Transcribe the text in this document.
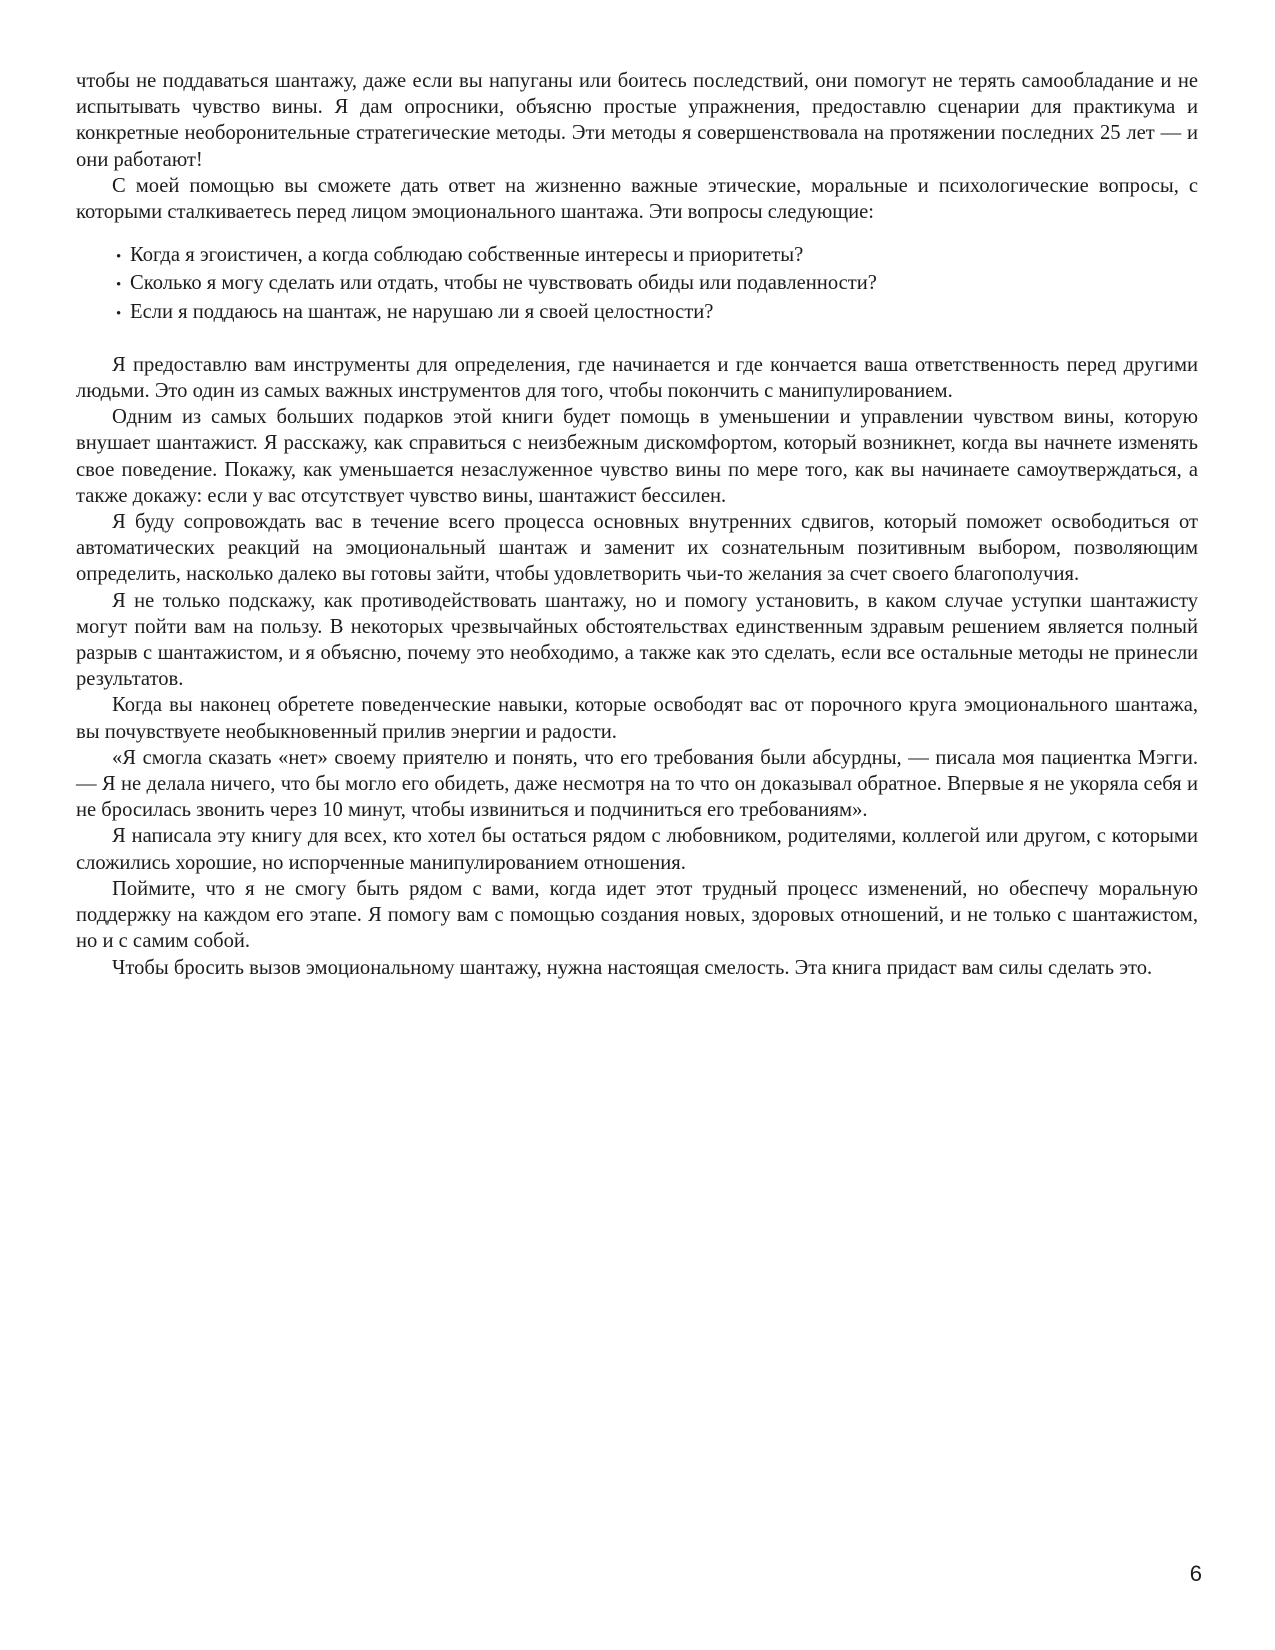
чтобы не поддаваться шантажу, даже если вы напуганы или боитесь последствий, они помогут не терять самообладание и не испытывать чувство вины. Я дам опросники, объясню простые упражнения, предоставлю сценарии для практикума и конкретные необоронительные стратегические методы. Эти методы я совершенствовала на протяжении последних 25 лет — и они работают!

С моей помощью вы сможете дать ответ на жизненно важные этические, моральные и психологические вопросы, с которыми сталкиваетесь перед лицом эмоционального шантажа. Эти вопросы следующие:

• Когда я эгоистичен, а когда соблюдаю собственные интересы и приоритеты?
• Сколько я могу сделать или отдать, чтобы не чувствовать обиды или подавленности?
• Если я поддаюсь на шантаж, не нарушаю ли я своей целостности?

Я предоставлю вам инструменты для определения, где начинается и где кончается ваша ответственность перед другими людьми. Это один из самых важных инструментов для того, чтобы покончить с манипулированием.

Одним из самых больших подарков этой книги будет помощь в уменьшении и управлении чувством вины, которую внушает шантажист. Я расскажу, как справиться с неизбежным дискомфортом, который возникнет, когда вы начнете изменять свое поведение. Покажу, как уменьшается незаслуженное чувство вины по мере того, как вы начинаете самоутверждаться, а также докажу: если у вас отсутствует чувство вины, шантажист бессилен.

Я буду сопровождать вас в течение всего процесса основных внутренних сдвигов, который поможет освободиться от автоматических реакций на эмоциональный шантаж и заменит их сознательным позитивным выбором, позволяющим определить, насколько далеко вы готовы зайти, чтобы удовлетворить чьи-то желания за счет своего благополучия.

Я не только подскажу, как противодействовать шантажу, но и помогу установить, в каком случае уступки шантажисту могут пойти вам на пользу. В некоторых чрезвычайных обстоятельствах единственным здравым решением является полный разрыв с шантажистом, и я объясню, почему это необходимо, а также как это сделать, если все остальные методы не принесли результатов.

Когда вы наконец обретете поведенческие навыки, которые освободят вас от порочного круга эмоционального шантажа, вы почувствуете необыкновенный прилив энергии и радости.

«Я смогла сказать «нет» своему приятелю и понять, что его требования были абсурдны, — писала моя пациентка Мэгги. — Я не делала ничего, что бы могло его обидеть, даже несмотря на то что он доказывал обратное. Впервые я не укоряла себя и не бросилась звонить через 10 минут, чтобы извиниться и подчиниться его требованиям».

Я написала эту книгу для всех, кто хотел бы остаться рядом с любовником, родителями, коллегой или другом, с которыми сложились хорошие, но испорченные манипулированием отношения.

Поймите, что я не смогу быть рядом с вами, когда идет этот трудный процесс изменений, но обеспечу моральную поддержку на каждом его этапе. Я помогу вам с помощью создания новых, здоровых отношений, и не только с шантажистом, но и с самим собой.

Чтобы бросить вызов эмоциональному шантажу, нужна настоящая смелость. Эта книга придаст вам силы сделать это.

6
